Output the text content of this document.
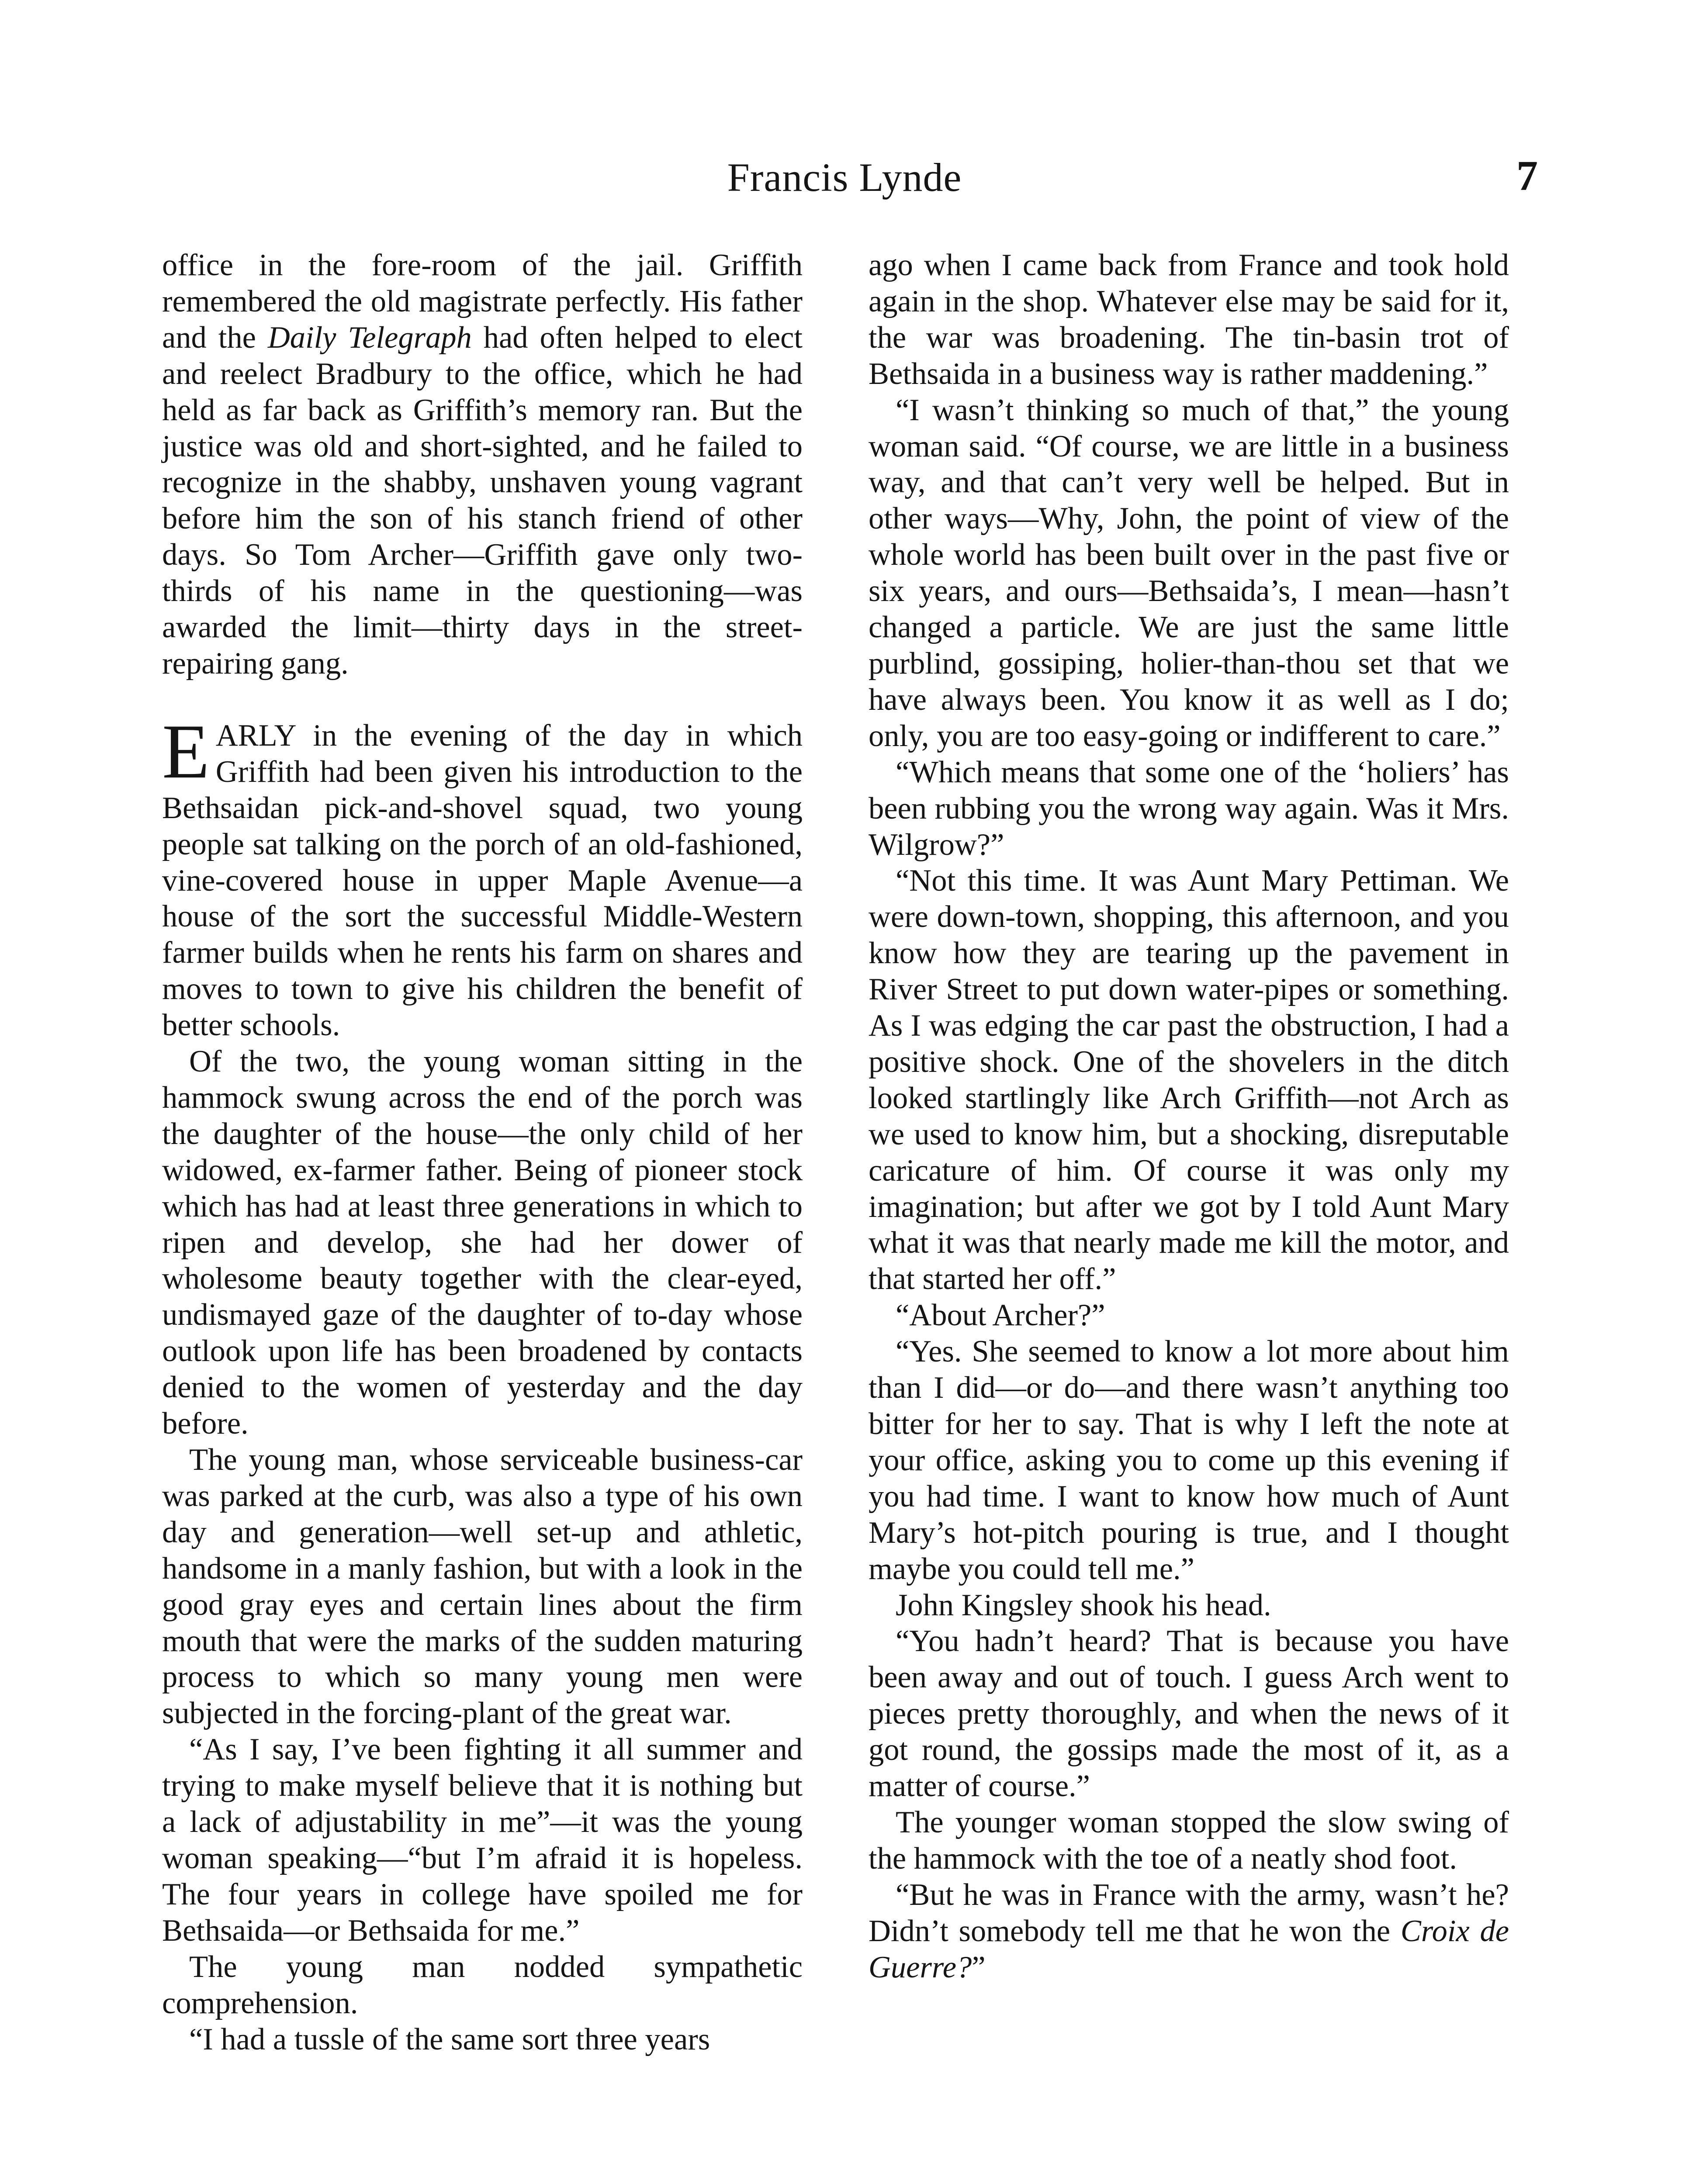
Francis Lynde	7

office in the fore-room of the jail. Griffith remembered the old magistrate perfectly. His father and the Daily Telegraph had often helped to elect and reelect Bradbury to the office, which he had held as far back as Griffith’s memory ran. But the justice was old and short-sighted, and he failed to recognize in the shabby, unshaven young vagrant before him the son of his stanch friend of other days. So Tom Archer—Griffith gave only two-thirds of his name in the questioning—was awarded the limit—thirty days in the street-repairing gang.

EARLY in the evening of the day in which Griffith had been given his introduction to the Bethsaidan pick-and-shovel squad, two young people sat talking on the porch of an old-fashioned, vine-covered house in upper Maple Avenue—a house of the sort the successful Middle-Western farmer builds when he rents his farm on shares and moves to town to give his children the benefit of better schools.

Of the two, the young woman sitting in the hammock swung across the end of the porch was the daughter of the house—the only child of her widowed, ex-farmer father. Being of pioneer stock which has had at least three generations in which to ripen and develop, she had her dower of wholesome beauty together with the clear-eyed, undismayed gaze of the daughter of to-day whose outlook upon life has been broadened by contacts denied to the women of yesterday and the day before.

The young man, whose serviceable business-car was parked at the curb, was also a type of his own day and generation—well set-up and athletic, handsome in a manly fashion, but with a look in the good gray eyes and certain lines about the firm mouth that were the marks of the sudden maturing process to which so many young men were subjected in the forcing-plant of the great war.

“As I say, I’ve been fighting it all summer and trying to make myself believe that it is nothing but a lack of adjustability in me”—it was the young woman speaking—“but I’m afraid it is hopeless. The four years in college have spoiled me for Bethsaida—or Bethsaida for me.”

The young man nodded sympathetic comprehension.

“I had a tussle of the same sort three years

ago when I came back from France and took hold again in the shop. Whatever else may be said for it, the war was broadening. The tin-basin trot of Bethsaida in a business way is rather maddening.”

“I wasn’t thinking so much of that,” the young woman said. “Of course, we are little in a business way, and that can’t very well be helped. But in other ways—Why, John, the point of view of the whole world has been built over in the past five or six years, and ours—Bethsaida’s, I mean—hasn’t changed a particle. We are just the same little purblind, gossiping, holier-than-thou set that we have always been. You know it as well as I do; only, you are too easy-going or indifferent to care.”

“Which means that some one of the ‘holiers’ has been rubbing you the wrong way again. Was it Mrs. Wilgrow?”

“Not this time. It was Aunt Mary Pettiman. We were down-town, shopping, this afternoon, and you know how they are tearing up the pavement in River Street to put down water-pipes or something. As I was edging the car past the obstruction, I had a positive shock. One of the shovelers in the ditch looked startlingly like Arch Griffith—not Arch as we used to know him, but a shocking, disreputable caricature of him. Of course it was only my imagination; but after we got by I told Aunt Mary what it was that nearly made me kill the motor, and that started her off.”

“About Archer?”

“Yes. She seemed to know a lot more about him than I did—or do—and there wasn’t anything too bitter for her to say. That is why I left the note at your office, asking you to come up this evening if you had time. I want to know how much of Aunt Mary’s hot-pitch pouring is true, and I thought maybe you could tell me.”

John Kingsley shook his head.

“You hadn’t heard? That is because you have been away and out of touch. I guess Arch went to pieces pretty thoroughly, and when the news of it got round, the gossips made the most of it, as a matter of course.”

The younger woman stopped the slow swing of the hammock with the toe of a neatly shod foot.

“But he was in France with the army, wasn’t he? Didn’t somebody tell me that he won the Croix de Guerre?”
